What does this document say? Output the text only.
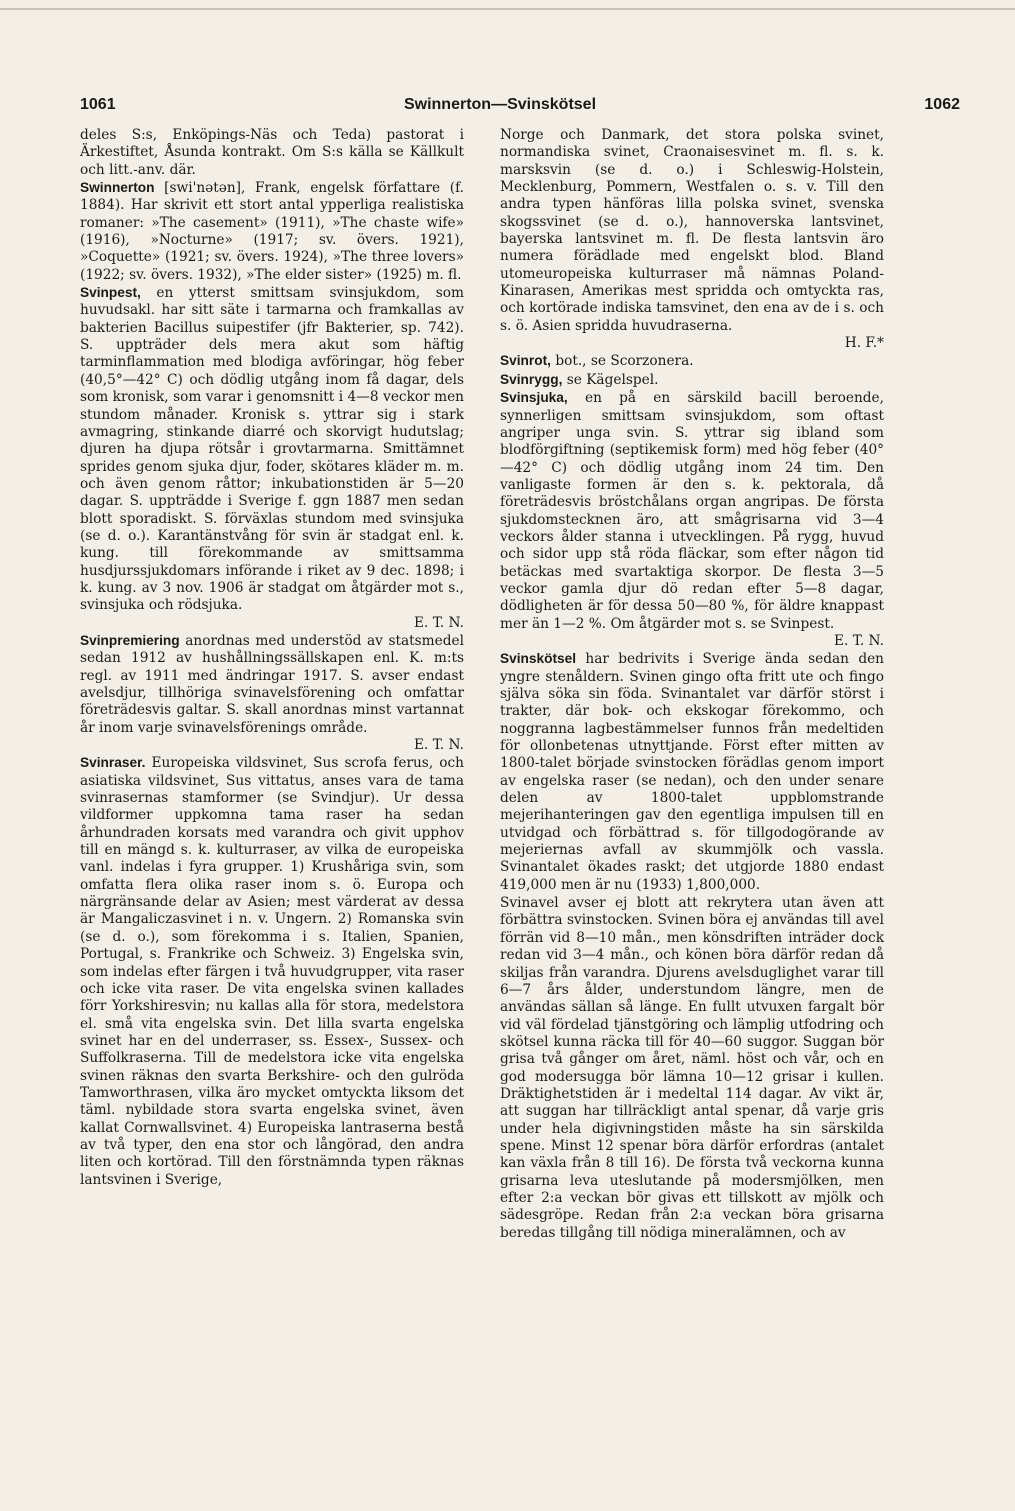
1061	Swinnerton—Svinskötsel	1062

deles S:s, Enköpings-Näs och Teda) pastorat i Ärkestiftet, Åsunda kontrakt. Om S:s källa se Källkult och litt.-anv. där.

Swinnerton [swi'nətən], Frank, engelsk författare (f. 1884). Har skrivit ett stort antal ypperliga realistiska romaner: »The casement» (1911), »The chaste wife» (1916), »Nocturne» (1917; sv. övers. 1921), »Coquette» (1921; sv. övers. 1924), »The three lovers» (1922; sv. övers. 1932), »The elder sister» (1925) m. fl.

Svinpest, en ytterst smittsam svinsjukdom, som huvudsakl. har sitt säte i tarmarna och framkallas av bakterien Bacillus suipestifer (jfr Bakterier, sp. 742). S. uppträder dels mera akut som häftig tarminflammation med blodiga avföringar, hög feber (40,5°—42° C) och dödlig utgång inom få dagar, dels som kronisk, som varar i genomsnitt i 4—8 veckor men stundom månader. Kronisk s. yttrar sig i stark avmagring, stinkande diarré och skorvigt hudutslag; djuren ha djupa rötsår i grovtarmarna. Smittämnet sprides genom sjuka djur, foder, skötares kläder m. m. och även genom råttor; inkubationstiden är 5—20 dagar. S. uppträdde i Sverige f. ggn 1887 men sedan blott sporadiskt. S. förväxlas stundom med svinsjuka (se d. o.). Karantänstvång för svin är stadgat enl. k. kung. till förekommande av smittsamma husdjurssjukdomars införande i riket av 9 dec. 1898; i k. kung. av 3 nov. 1906 är stadgat om åtgärder mot s., svinsjuka och rödsjuka.
E. T. N.

Svinpremiering anordnas med understöd av statsmedel sedan 1912 av hushållningssällskapen enl. K. m:ts regl. av 1911 med ändringar 1917. S. avser endast avelsdjur, tillhöriga svinavelsförening och omfattar företrädesvis galtar. S. skall anordnas minst vartannat år inom varje svinavelsförenings område.
E. T. N.

Svinraser. Europeiska vildsvinet, Sus scrofa ferus, och asiatiska vildsvinet, Sus vittatus, anses vara de tama svinrasernas stamformer (se Svindjur). Ur dessa vildformer uppkomna tama raser ha sedan århundraden korsats med varandra och givit upphov till en mängd s. k. kulturraser, av vilka de europeiska vanl. indelas i fyra grupper. 1) Krushåriga svin, som omfatta flera olika raser inom s. ö. Europa och närgränsande delar av Asien; mest värderat av dessa är Mangaliczasvinet i n. v. Ungern. 2) Romanska svin (se d. o.), som förekomma i s. Italien, Spanien, Portugal, s. Frankrike och Schweiz. 3) Engelska svin, som indelas efter färgen i två huvudgrupper, vita raser och icke vita raser. De vita engelska svinen kallades förr Yorkshiresvin; nu kallas alla för stora, medelstora el. små vita engelska svin. Det lilla svarta engelska svinet har en del underraser, ss. Essex-, Sussex- och Suffolkraserna. Till de medelstora icke vita engelska svinen räknas den svarta Berkshire- och den gulröda Tamworthrasen, vilka äro mycket omtyckta liksom det täml. nybildade stora svarta engelska svinet, även kallat Cornwallsvinet. 4) Europeiska lantraserna bestå av två typer, den ena stor och långörad, den andra liten och kortörad. Till den förstnämnda typen räknas lantsvinen i Sverige,

Norge och Danmark, det stora polska svinet, normandiska svinet, Craonaisesvinet m. fl. s. k. marsksvin (se d. o.) i Schleswig-Holstein, Mecklenburg, Pommern, Westfalen o. s. v. Till den andra typen hänföras lilla polska svinet, svenska skogssvinet (se d. o.), hannoverska lantsvinet, bayerska lantsvinet m. fl. De flesta lantsvin äro numera förädlade med engelskt blod. Bland utomeuropeiska kulturraser må nämnas Poland-Kinarasen, Amerikas mest spridda och omtyckta ras, och kortörade indiska tamsvinet, den ena av de i s. och s. ö. Asien spridda huvudraserna.
H. F.*

Svinrot, bot., se Scorzonera.

Svinrygg, se Kägelspel.

Svinsjuka, en på en särskild bacill beroende, synnerligen smittsam svinsjukdom, som oftast angriper unga svin. S. yttrar sig ibland som blodförgiftning (septikemisk form) med hög feber (40°—42° C) och dödlig utgång inom 24 tim. Den vanligaste formen är den s. k. pektorala, då företrädesvis bröstchålans organ angripas. De första sjukdomstecknen äro, att smågrisarna vid 3—4 veckors ålder stanna i utvecklingen. På rygg, huvud och sidor upp stå röda fläckar, som efter någon tid betäckas med svartaktiga skorpor. De flesta 3—5 veckor gamla djur dö redan efter 5—8 dagar, dödligheten är för dessa 50—80 %, för äldre knappast mer än 1—2 %. Om åtgärder mot s. se Svinpest.
E. T. N.

Svinskötsel har bedrivits i Sverige ända sedan den yngre stenåldern. Svinen gingo ofta fritt ute och fingo själva söka sin föda. Svinantalet var därför störst i trakter, där bok- och ekskogar förekommo, och noggranna lagbestämmelser funnos från medeltiden för ollonbetenas utnyttjande. Först efter mitten av 1800-talet började svinstocken förädlas genom import av engelska raser (se nedan), och den under senare delen av 1800-talet uppblomstrande mejerihanteringen gav den egentliga impulsen till en utvidgad och förbättrad s. för tillgodogörande av mejeriernas avfall av skummjölk och vassla. Svinantalet ökades raskt; det utgjorde 1880 endast 419,000 men är nu (1933) 1,800,000.

Svinavel avser ej blott att rekrytera utan även att förbättra svinstocken. Svinen böra ej användas till avel förrän vid 8—10 mån., men könsdriften inträder dock redan vid 3—4 mån., och könen böra därför redan då skiljas från varandra. Djurens avelsduglighet varar till 6—7 års ålder, understundom längre, men de användas sällan så länge. En fullt utvuxen fargalt bör vid väl fördelad tjänstgöring och lämplig utfodring och skötsel kunna räcka till för 40—60 suggor. Suggan bör grisa två gånger om året, näml. höst och vår, och en god modersugga bör lämna 10—12 grisar i kullen. Dräktighetstiden är i medeltal 114 dagar. Av vikt är, att suggan har tillräckligt antal spenar, då varje gris under hela digivningstiden måste ha sin särskilda spene. Minst 12 spenar böra därför erfordras (antalet kan växla från 8 till 16). De första två veckorna kunna grisarna leva uteslutande på modersmjölken, men efter 2:a veckan bör givas ett tillskott av mjölk och sädesgröpe. Redan från 2:a veckan böra grisarna beredas tillgång till nödiga mineralämnen, och av
